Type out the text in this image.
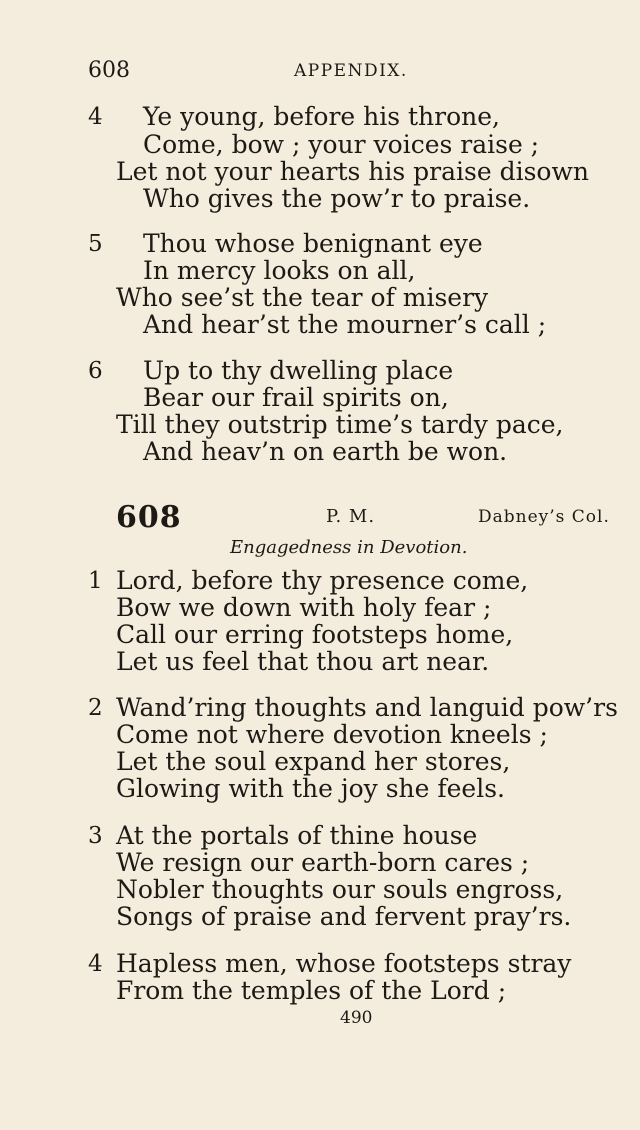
608	APPENDIX.
4 Ye young, before his throne,
Come, bow ; your voices raise ;
Let not your hearts his praise disown
Who gives the pow’r to praise.
5 Thou whose benignant eye
In mercy looks on all,
Who see’st the tear of misery
And hear’st the mourner’s call ;
6 Up to thy dwelling place
Bear our frail spirits on,
Till they outstrip time’s tardy pace,
And heav’n on earth be won.
608	P. M.	Dabney’s Col.
Engagedness in Devotion.
1 Lord, before thy presence come,
Bow we down with holy fear ;
Call our erring footsteps home,
Let us feel that thou art near.
2 Wand’ring thoughts and languid pow’rs
Come not where devotion kneels ;
Let the soul expand her stores,
Glowing with the joy she feels.
3 At the portals of thine house
We resign our earth-born cares ;
Nobler thoughts our souls engross,
Songs of praise and fervent pray’rs.
4 Hapless men, whose footsteps stray
From the temples of the Lord ;
490
